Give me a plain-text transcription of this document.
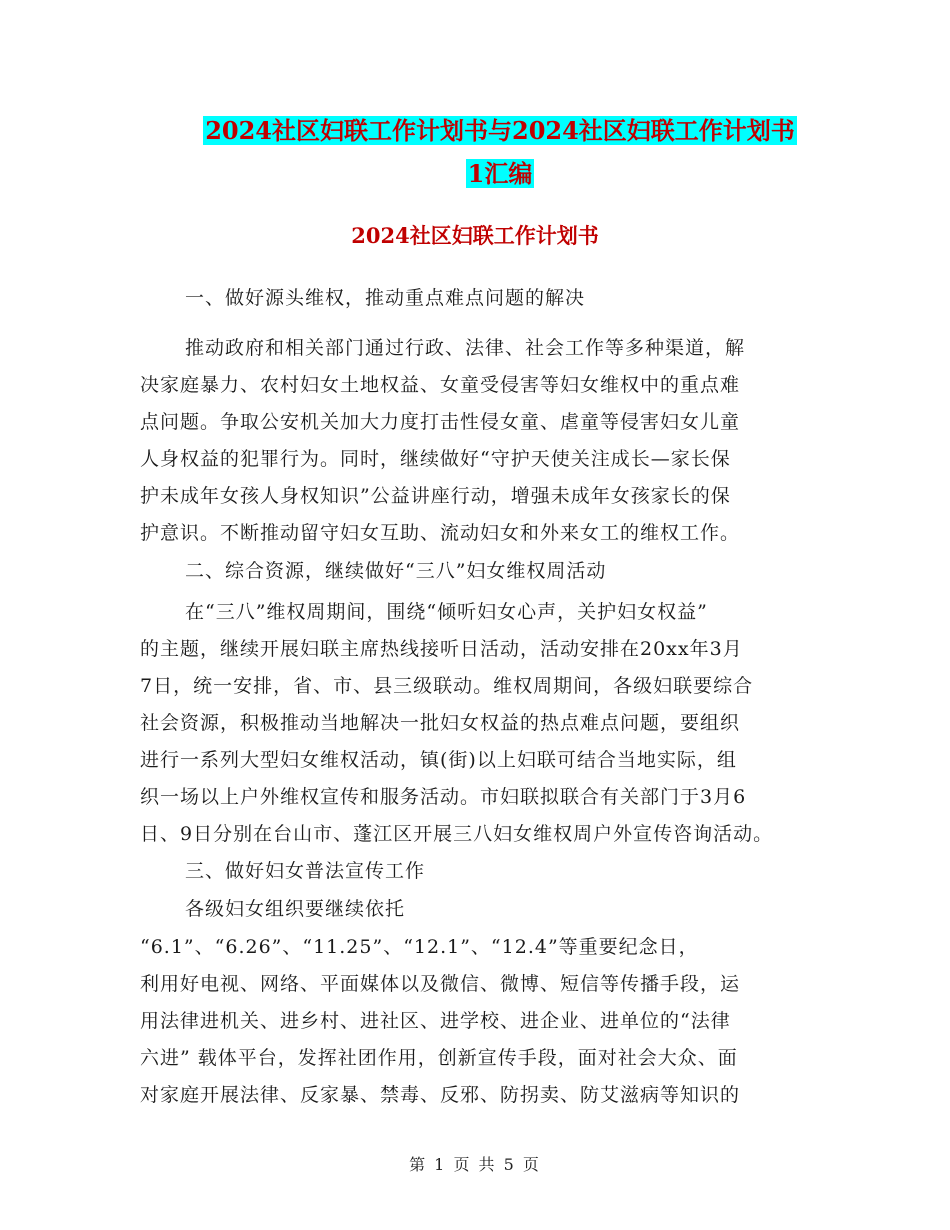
2024社区妇联工作计划书与2024社区妇联工作计划书
1汇编
2024社区妇联工作计划书
一、做好源头维权，推动重点难点问题的解决
推动政府和相关部门通过行政、法律、社会工作等多种渠道，解
决家庭暴力、农村妇女土地权益、女童受侵害等妇女维权中的重点难
点问题。争取公安机关加大力度打击性侵女童、虐童等侵害妇女儿童
人身权益的犯罪行为。同时，继续做好“守护天使关注成长—家长保
护未成年女孩人身权知识”公益讲座行动，增强未成年女孩家长的保
护意识。不断推动留守妇女互助、流动妇女和外来女工的维权工作。
二、综合资源，继续做好“三八”妇女维权周活动
在“三八”维权周期间，围绕“倾听妇女心声，关护妇女权益”
的主题，继续开展妇联主席热线接听日活动，活动安排在20xx年3月
7日，统一安排，省、市、县三级联动。维权周期间，各级妇联要综合
社会资源，积极推动当地解决一批妇女权益的热点难点问题，要组织
进行一系列大型妇女维权活动，镇(街)以上妇联可结合当地实际，组
织一场以上户外维权宣传和服务活动。市妇联拟联合有关部门于3月6
日、9日分别在台山市、蓬江区开展三八妇女维权周户外宣传咨询活动。
三、做好妇女普法宣传工作
各级妇女组织要继续依托
“6.1”、“6.26”、“11.25”、“12.1”、“12.4”等重要纪念日，
利用好电视、网络、平面媒体以及微信、微博、短信等传播手段，运
用法律进机关、进乡村、进社区、进学校、进企业、进单位的“法律
六进” 载体平台，发挥社团作用，创新宣传手段，面对社会大众、面
对家庭开展法律、反家暴、禁毒、反邪、防拐卖、防艾滋病等知识的
第 1 页 共 5 页
